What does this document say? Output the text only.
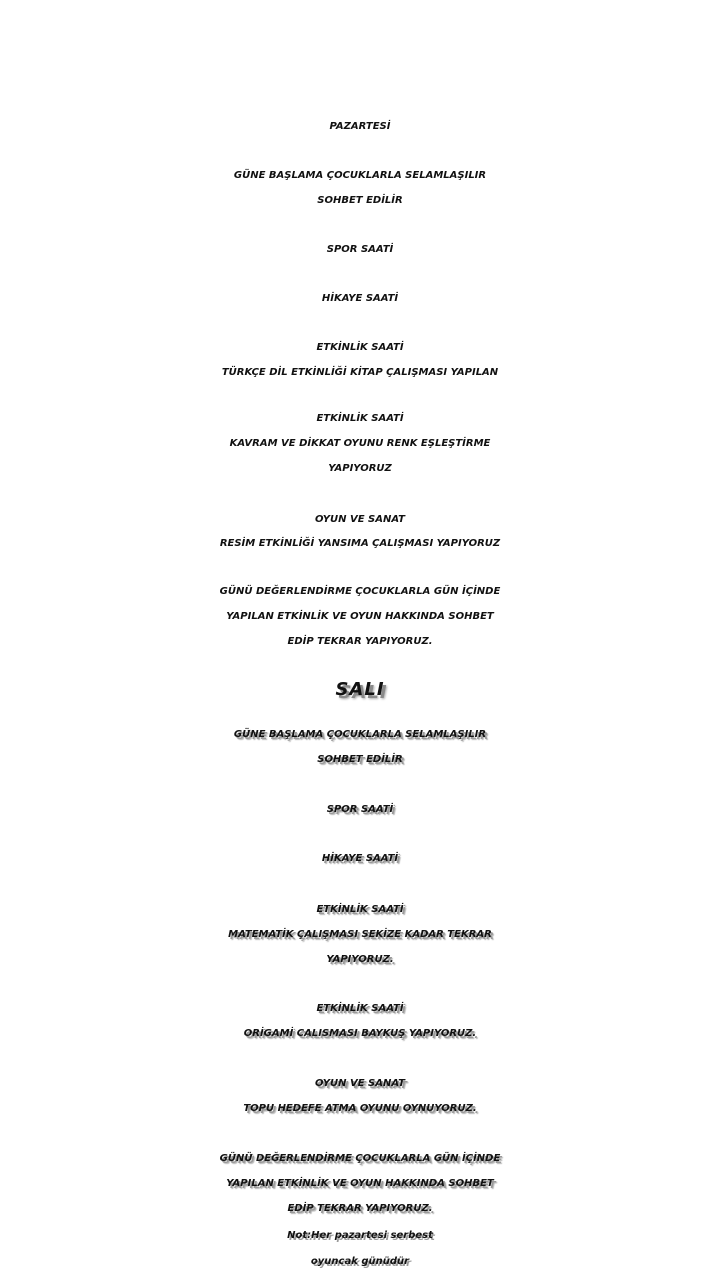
PAZARTESİ
GÜNE BAŞLAMA ÇOCUKLARLA SELAMLAŞILIR
SOHBET EDİLİR
SPOR SAATİ
HİKAYE SAATİ
ETKİNLİK SAATİ
TÜRKÇE DİL ETKİNLİĞİ KİTAP ÇALIŞMASI YAPILAN
ETKİNLİK SAATİ
KAVRAM VE DİKKAT OYUNU RENK EŞLEŞTİRME
YAPIYORUZ
OYUN VE SANAT
RESİM ETKİNLİĞİ YANSIMA ÇALIŞMASI YAPIYORUZ
GÜNÜ DEĞERLENDİRME ÇOCUKLARLA GÜN İÇİNDE
YAPILAN ETKİNLİK VE OYUN HAKKINDA SOHBET
EDİP TEKRAR YAPIYORUZ.
SALI
GÜNE BAŞLAMA ÇOCUKLARLA SELAMLAŞILIR
SOHBET EDİLİR
SPOR SAATİ
HİKAYE SAATİ
ETKİNLİK SAATİ
MATEMATİK ÇALIŞMASI SEKİZE KADAR TEKRAR
YAPIYORUZ.
ETKİNLİK SAATİ
ORİGAMİ CALISMASI BAYKUŞ YAPIYORUZ.
OYUN VE SANAT
TOPU HEDEFE ATMA OYUNU OYNUYORUZ.
GÜNÜ DEĞERLENDİRME ÇOCUKLARLA GÜN İÇİNDE
YAPILAN ETKİNLİK VE OYUN HAKKINDA SOHBET
EDİP TEKRAR YAPIYORUZ.
Not:Her pazartesi serbest
oyuncak günüdür
